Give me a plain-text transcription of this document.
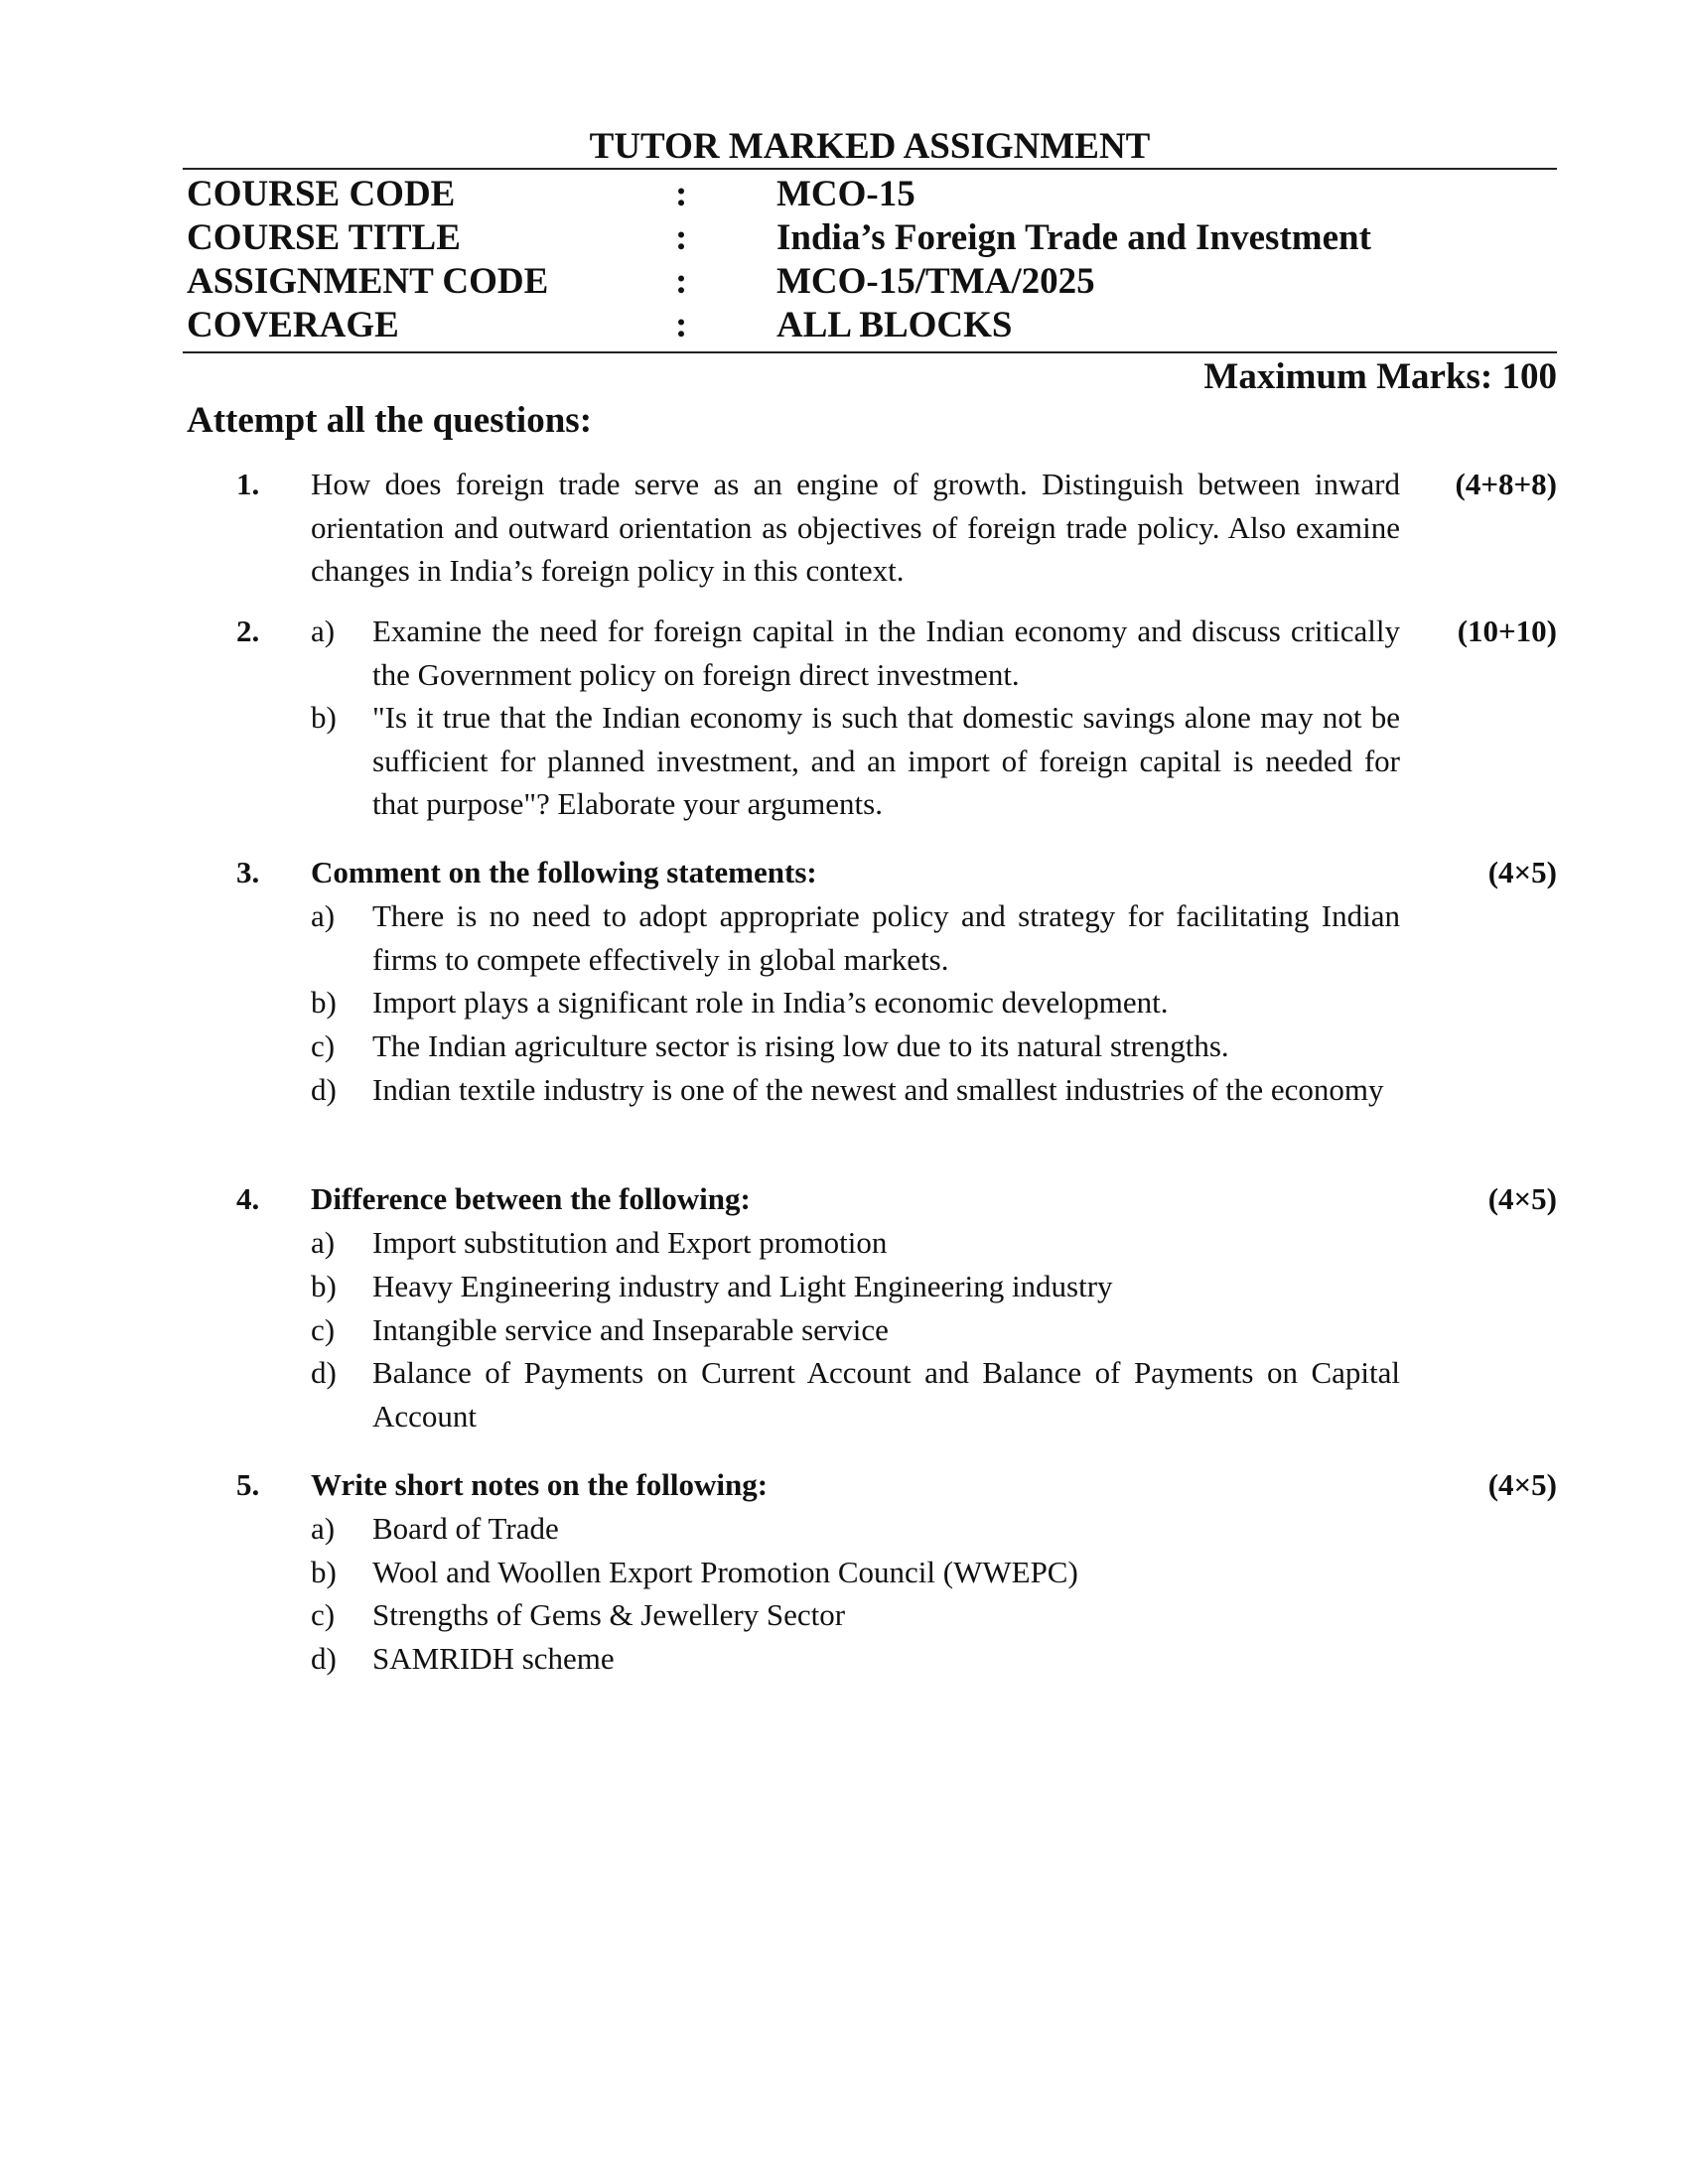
TUTOR MARKED ASSIGNMENT
COURSE CODE	: MCO-15
COURSE TITLE	: India’s Foreign Trade and Investment
ASSIGNMENT CODE	: MCO-15/TMA/2025
COVERAGE	: ALL BLOCKS
Maximum Marks: 100
Attempt all the questions:
1. How does foreign trade serve as an engine of growth. Distinguish between inward orientation and outward orientation as objectives of foreign trade policy. Also examine changes in India’s foreign policy in this context.
(4+8+8)
2.	(10+10)
a) Examine the need for foreign capital in the Indian economy and discuss critically the Government policy on foreign direct investment.
b) "Is it true that the Indian economy is such that domestic savings alone may not be sufficient for planned investment, and an import of foreign capital is needed for that purpose"? Elaborate your arguments.
3. Comment on the following statements:	(4×5)
a) There is no need to adopt appropriate policy and strategy for facilitating Indian firms to compete effectively in global markets.
b) Import plays a significant role in India’s economic development.
c) The Indian agriculture sector is rising low due to its natural strengths.
d) Indian textile industry is one of the newest and smallest industries of the economy
4. Difference between the following:	(4×5)
a) Import substitution and Export promotion
b) Heavy Engineering industry and Light Engineering industry
c) Intangible service and Inseparable service
d) Balance of Payments on Current Account and Balance of Payments on Capital Account
5. Write short notes on the following:	(4×5)
a) Board of Trade
b) Wool and Woollen Export Promotion Council (WWEPC)
c) Strengths of Gems & Jewellery Sector
d) SAMRIDH scheme
